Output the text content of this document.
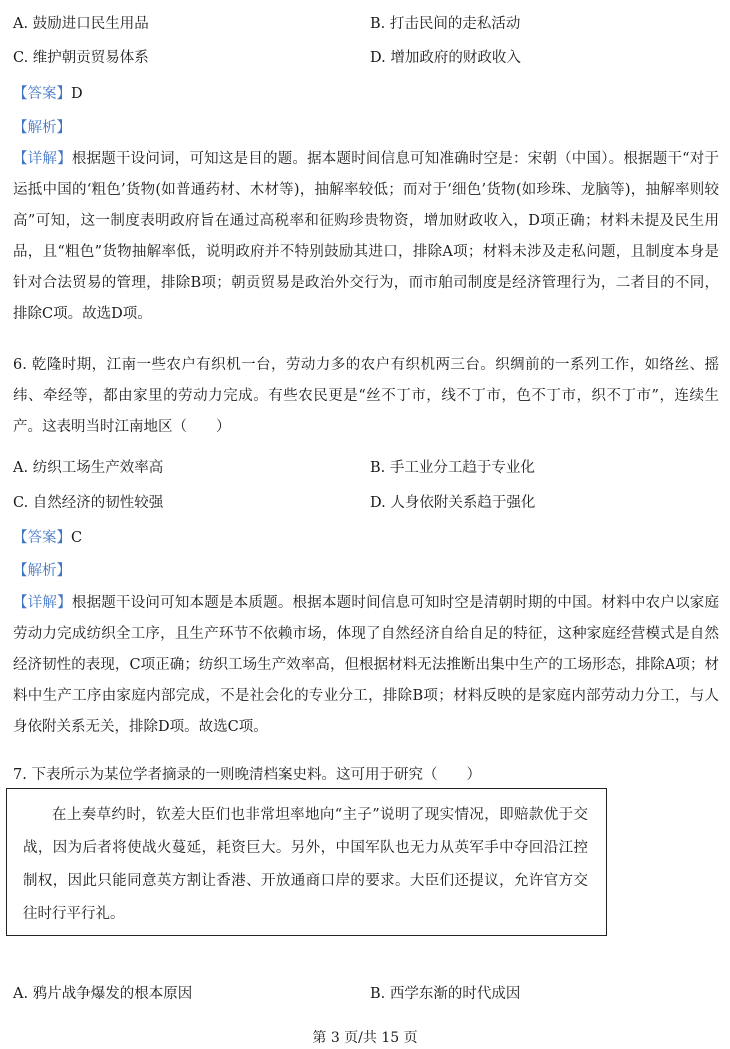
A. 鼓励进口民生用品	B. 打击民间的走私活动
C. 维护朝贡贸易体系	D. 增加政府的财政收入
【答案】D
【解析】

【详解】根据题干设问词，可知这是目的题。据本题时间信息可知准确时空是：宋朝（中国）。根据题干“对于运抵中国的‘粗色’货物(如普通药材、木材等)，抽解率较低；而对于‘细色’货物(如珍珠、龙脑等)，抽解率则较高”可知，这一制度表明政府旨在通过高税率和征购珍贵物资，增加财政收入，D项正确；材料未提及民生用品，且“粗色”货物抽解率低，说明政府并不特别鼓励其进口，排除A项；材料未涉及走私问题，且制度本身是针对合法贸易的管理，排除B项；朝贡贸易是政治外交行为，而市舶司制度是经济管理行为，二者目的不同，排除C项。故选D项。

6. 乾隆时期，江南一些农户有织机一台，劳动力多的农户有织机两三台。织绸前的一系列工作，如络丝、摇纬、牵经等，都由家里的劳动力完成。有些农民更是“丝不丁市，线不丁市，色不丁市，织不丁市”，连续生产。这表明当时江南地区（　　）

A. 纺织工场生产效率高	B. 手工业分工趋于专业化
C. 自然经济的韧性较强	D. 人身依附关系趋于强化
【答案】C
【解析】

【详解】根据题干设问可知本题是本质题。根据本题时间信息可知时空是清朝时期的中国。材料中农户以家庭劳动力完成纺织全工序，且生产环节不依赖市场，体现了自然经济自给自足的特征，这种家庭经营模式是自然经济韧性的表现，C项正确；纺织工场生产效率高，但根据材料无法推断出集中生产的工场形态，排除A项；材料中生产工序由家庭内部完成，不是社会化的专业分工，排除B项；材料反映的是家庭内部劳动力分工，与人身依附关系无关，排除D项。故选C项。

7. 下表所示为某位学者摘录的一则晚清档案史料。这可用于研究（　　）

在上奏草约时，钦差大臣们也非常坦率地向“主子”说明了现实情况，即赔款优于交战，因为后者将使战火蔓延，耗资巨大。另外，中国军队也无力从英军手中夺回沿江控制权，因此只能同意英方割让香港、开放通商口岸的要求。大臣们还提议，允许官方交往时行平行礼。

A. 鸦片战争爆发的根本原因	B. 西学东渐的时代成因
第 3 页/共 15 页
